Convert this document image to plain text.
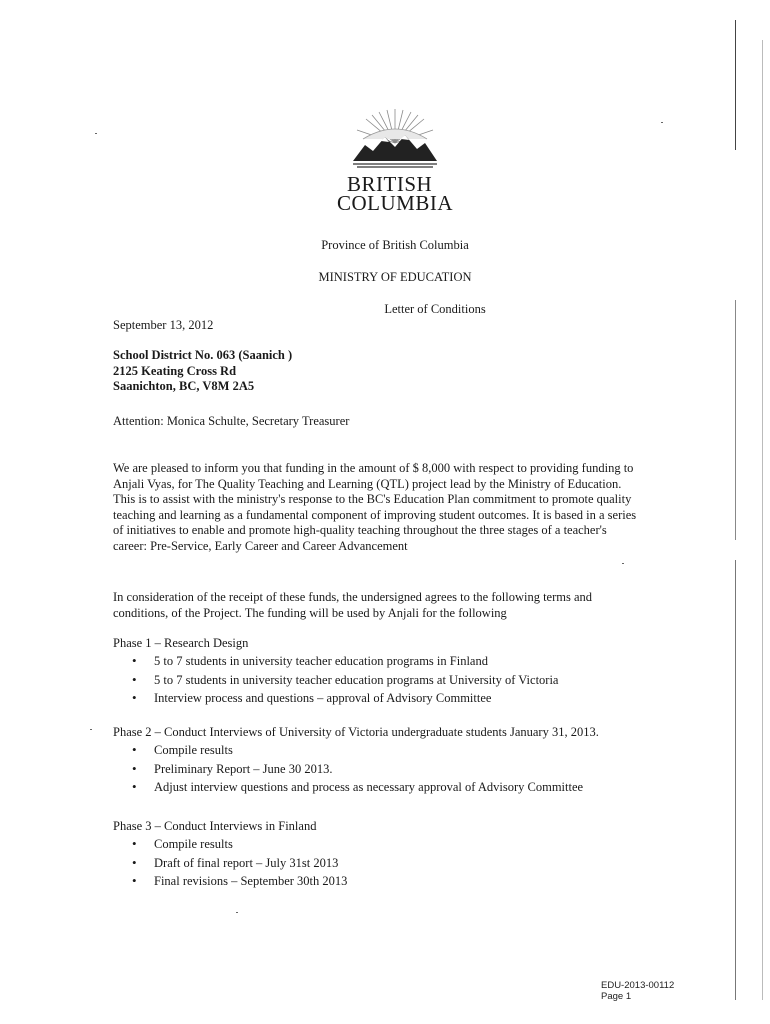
BRITISH
COLUMBIA
Province of British Columbia
MINISTRY OF EDUCATION
Letter of Conditions
September 13, 2012
School District No. 063 (Saanich )
2125 Keating Cross Rd
Saanichton, BC, V8M 2A5
Attention: Monica Schulte, Secretary Treasurer
We are pleased to inform you that funding in the amount of $ 8,000 with respect to providing funding to
Anjali Vyas, for The Quality Teaching and Learning (QTL) project lead by the Ministry of Education.
This is to assist with the ministry's response to the BC's Education Plan commitment to promote quality
teaching and learning as a fundamental component of improving student outcomes. It is based in a series
of initiatives to enable and promote high-quality teaching throughout the three stages of a teacher's
career: Pre-Service, Early Career and Career Advancement
In consideration of the receipt of these funds, the undersigned agrees to the following terms and
conditions, of the Project. The funding will be used by Anjali for the following
Phase 1 – Research Design
• 5 to 7 students in university teacher education programs in Finland
• 5 to 7 students in university teacher education programs at University of Victoria
• Interview process and questions – approval of Advisory Committee
Phase 2 – Conduct Interviews of University of Victoria undergraduate students January 31, 2013.
• Compile results
• Preliminary Report – June 30 2013.
• Adjust interview questions and process as necessary approval of Advisory Committee
Phase 3 – Conduct Interviews in Finland
• Compile results
• Draft of final report – July 31st 2013
• Final revisions – September 30th 2013
EDU-2013-00112
Page 1
